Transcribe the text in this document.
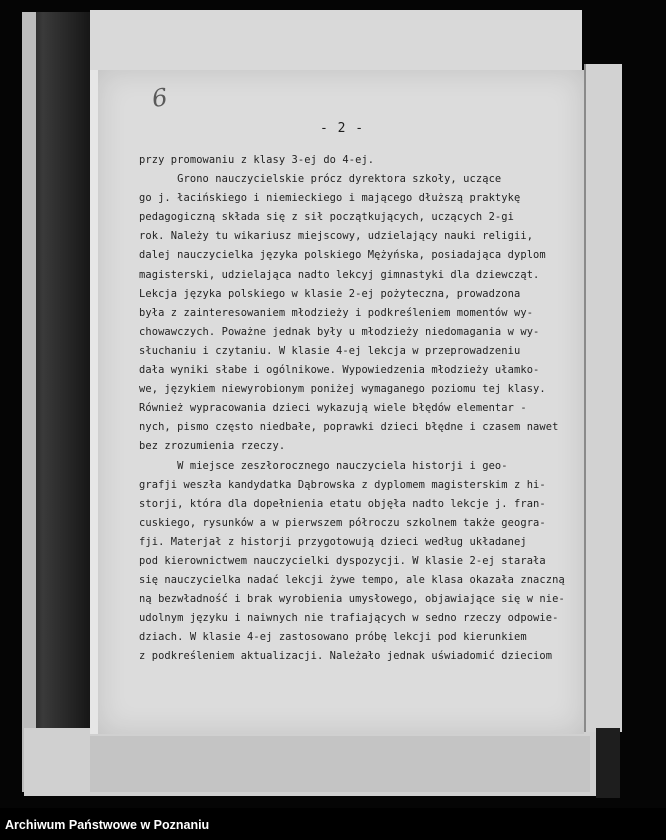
6
- 2 -
przy promowaniu z klasy 3-ej do 4-ej.
Grono nauczycielskie prócz dyrektora szkoły, uczące
go j. łacińskiego i niemieckiego i mającego dłuższą praktykę
pedagogiczną składa się z sił początkujących, uczących 2-gi
rok. Należy tu wikariusz miejscowy, udzielający nauki religii,
dalej nauczycielka języka polskiego Mężyńska, posiadająca dyplom
magisterski, udzielająca nadto lekcyj gimnastyki dla dziewcząt.
Lekcja języka polskiego w klasie 2-ej pożyteczna, prowadzona
była z zainteresowaniem młodzieży i podkreśleniem momentów wy-
chowawczych. Poważne jednak były u młodzieży niedomagania w wy-
słuchaniu i czytaniu. W klasie 4-ej lekcja w przeprowadzeniu
dała wyniki słabe i ogólnikowe. Wypowiedzenia młodzieży ułamko-
we, językiem niewyrobionym poniżej wymaganego poziomu tej klasy.
Również wypracowania dzieci wykazują wiele błędów elementar -
nych, pismo często niedbałe, poprawki dzieci błędne i czasem nawet
bez zrozumienia rzeczy.
W miejsce zeszłorocznego nauczyciela historji i geo-
grafji weszła kandydatka Dąbrowska z dyplomem magisterskim z hi-
storji, która dla dopełnienia etatu objęła nadto lekcje j. fran-
cuskiego, rysunków a w pierwszem półroczu szkolnem także geogra-
fji. Materjał z historji przygotowują dzieci według układanej
pod kierownictwem nauczycielki dyspozycji. W klasie 2-ej starała
się nauczycielka nadać lekcji żywe tempo, ale klasa okazała znaczną
ną bezwładność i brak wyrobienia umysłowego, objawiające się w nie-
udolnym języku i naiwnych nie trafiających w sedno rzeczy odpowie-
dziach. W klasie 4-ej zastosowano próbę lekcji pod kierunkiem
z podkreśleniem aktualizacji. Należało jednak uświadomić dzieciom
Archiwum Państwowe w Poznaniu
